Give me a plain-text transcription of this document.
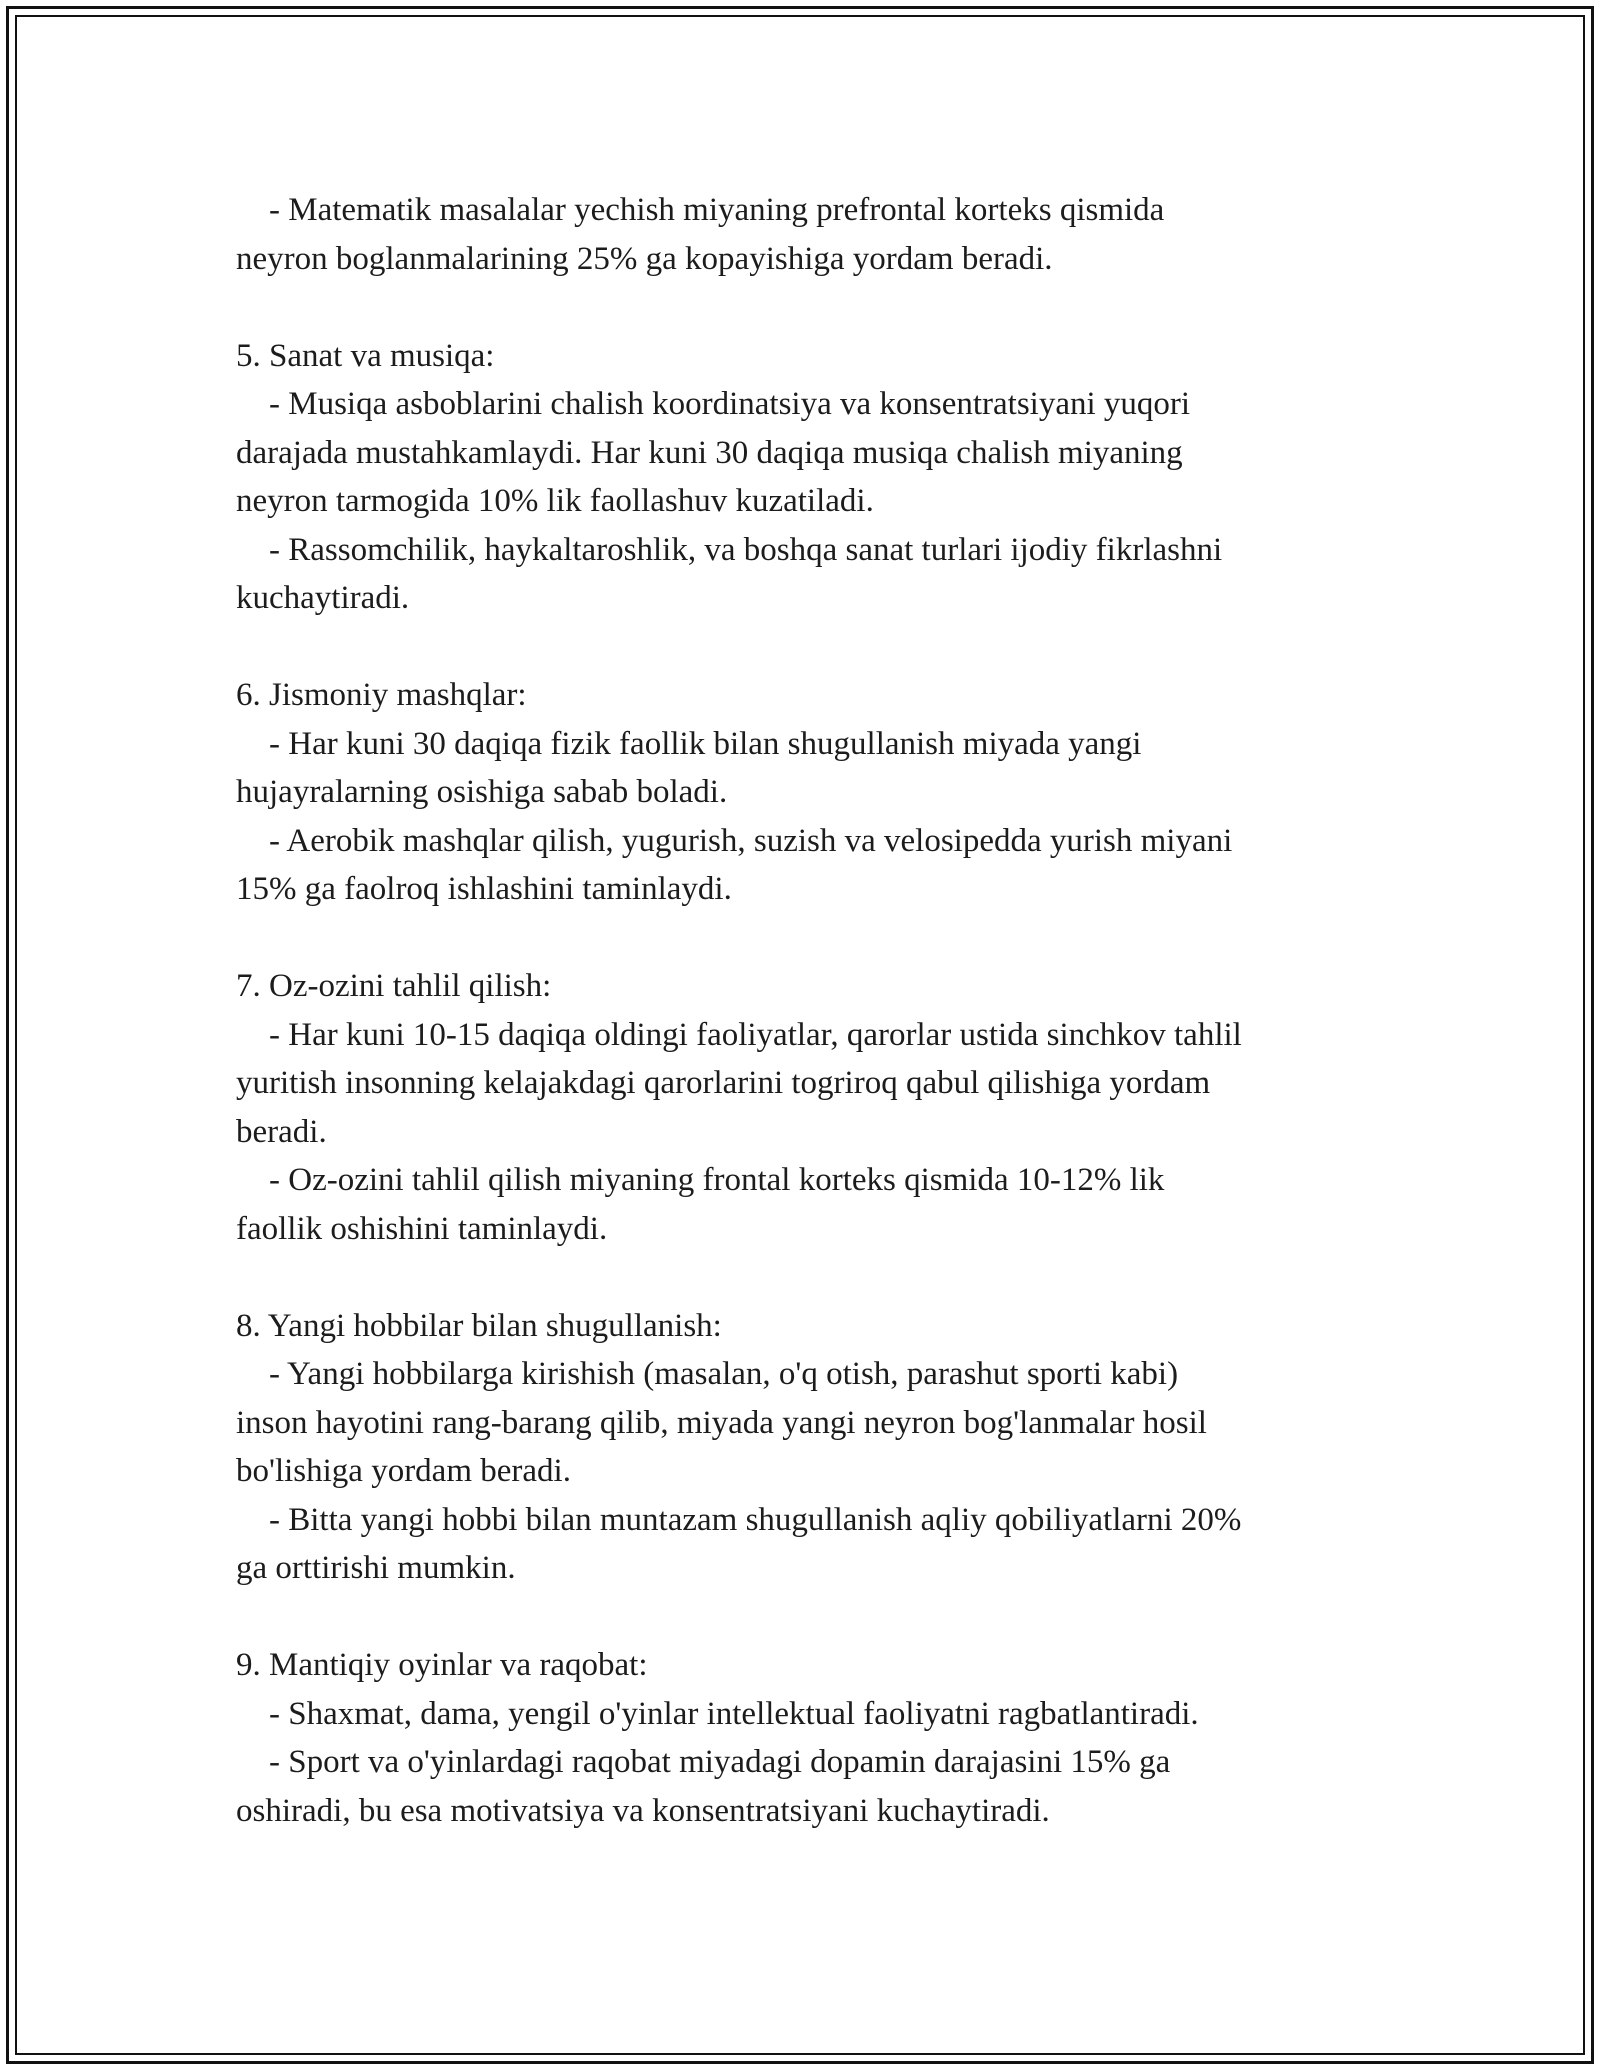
- Matematik masalalar yechish miyaning prefrontal korteks qismida
neyron boglanmalarining 25% ga kopayishiga yordam beradi.
5. Sanat va musiqa:
- Musiqa asboblarini chalish koordinatsiya va konsentratsiyani yuqori
darajada mustahkamlaydi. Har kuni 30 daqiqa musiqa chalish miyaning
neyron tarmogida 10% lik faollashuv kuzatiladi.
- Rassomchilik, haykaltaroshlik, va boshqa sanat turlari ijodiy fikrlashni
kuchaytiradi.
6. Jismoniy mashqlar:
- Har kuni 30 daqiqa fizik faollik bilan shugullanish miyada yangi
hujayralarning osishiga sabab boladi.
- Aerobik mashqlar qilish, yugurish, suzish va velosipedda yurish miyani
15% ga faolroq ishlashini taminlaydi.
7. Oz-ozini tahlil qilish:
- Har kuni 10-15 daqiqa oldingi faoliyatlar, qarorlar ustida sinchkov tahlil
yuritish insonning kelajakdagi qarorlarini togriroq qabul qilishiga yordam
beradi.
- Oz-ozini tahlil qilish miyaning frontal korteks qismida 10-12% lik
faollik oshishini taminlaydi.
8. Yangi hobbilar bilan shugullanish:
- Yangi hobbilarga kirishish (masalan, o'q otish, parashut sporti kabi)
inson hayotini rang-barang qilib, miyada yangi neyron bog'lanmalar hosil
bo'lishiga yordam beradi.
- Bitta yangi hobbi bilan muntazam shugullanish aqliy qobiliyatlarni 20%
ga orttirishi mumkin.
9. Mantiqiy oyinlar va raqobat:
- Shaxmat, dama, yengil o'yinlar intellektual faoliyatni ragbatlantiradi.
- Sport va o'yinlardagi raqobat miyadagi dopamin darajasini 15% ga
oshiradi, bu esa motivatsiya va konsentratsiyani kuchaytiradi.
